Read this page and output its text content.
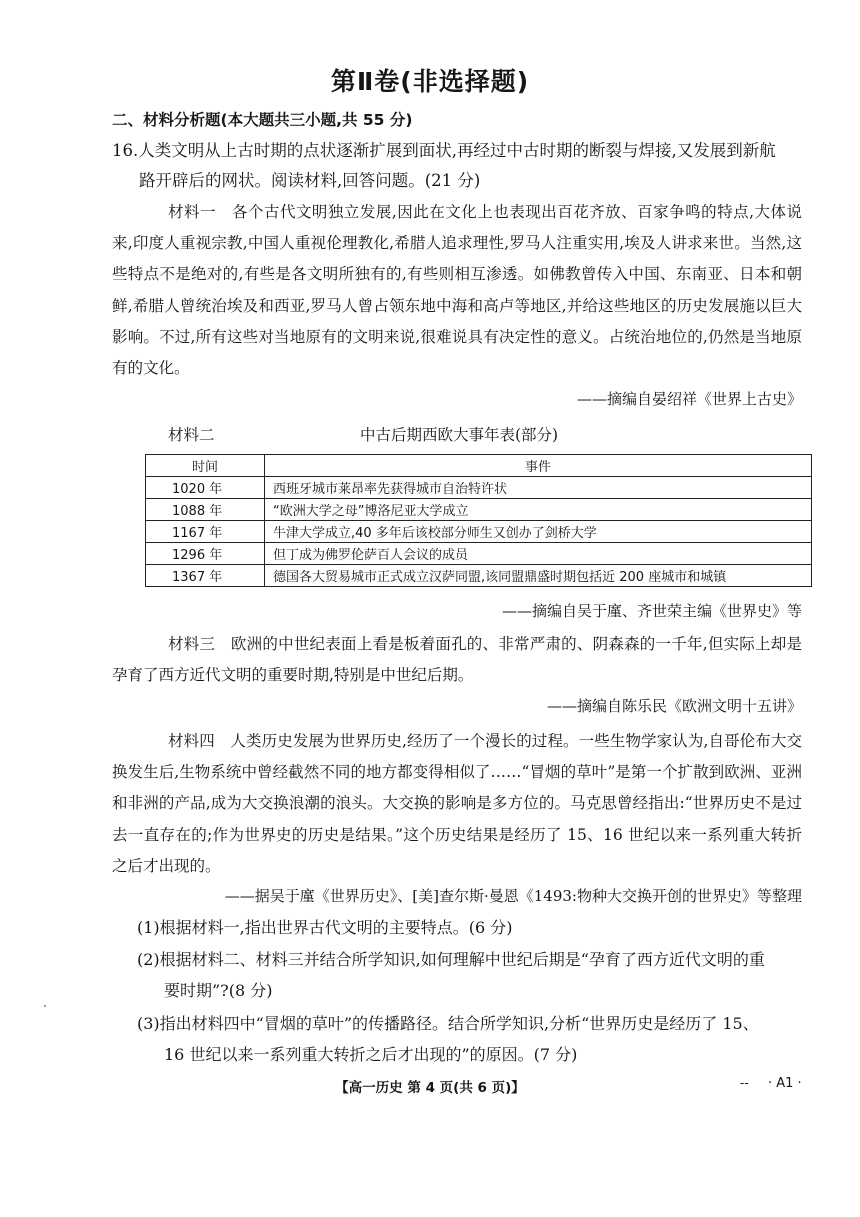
第Ⅱ卷(非选择题)
二、材料分析题(本大题共三小题,共 55 分)
16.人类文明从上古时期的点状逐渐扩展到面状,再经过中古时期的断裂与焊接,又发展到新航
路开辟后的网状。阅读材料,回答问题。(21 分)
材料一　 各个古代文明独立发展,因此在文化上也表现出百花齐放、百家争鸣的特点,大体说来,印度人重视宗教,中国人重视伦理教化,希腊人追求理性,罗马人注重实用,埃及人讲求来世。当然,这些特点不是绝对的,有些是各文明所独有的,有些则相互渗透。如佛教曾传入中国、东南亚、日本和朝鲜,希腊人曾统治埃及和西亚,罗马人曾占领东地中海和高卢等地区,并给这些地区的历史发展施以巨大影响。不过,所有这些对当地原有的文明来说,很难说具有决定性的意义。占统治地位的,仍然是当地原有的文化。
——摘编自晏绍祥《世界上古史》
材料二	中古后期西欧大事年表(部分)
时间	事件
1020 年	西班牙城市莱昂率先获得城市自治特许状
1088 年	“欧洲大学之母”博洛尼亚大学成立
1167 年	牛津大学成立,40 多年后该校部分师生又创办了剑桥大学
1296 年	但丁成为佛罗伦萨百人会议的成员
1367 年	德国各大贸易城市正式成立汉萨同盟,该同盟鼎盛时期包括近 200 座城市和城镇
——摘编自吴于廑、齐世荣主编《世界史》等
材料三　 欧洲的中世纪表面上看是板着面孔的、非常严肃的、阴森森的一千年,但实际上却是孕育了西方近代文明的重要时期,特别是中世纪后期。
——摘编自陈乐民《欧洲文明十五讲》
材料四　 人类历史发展为世界历史,经历了一个漫长的过程。一些生物学家认为,自哥伦布大交换发生后,生物系统中曾经截然不同的地方都变得相似了……“冒烟的草叶”是第一个扩散到欧洲、亚洲和非洲的产品,成为大交换浪潮的浪头。大交换的影响是多方位的。马克思曾经指出:“世界历史不是过去一直存在的;作为世界史的历史是结果。”这个历史结果是经历了 15、16 世纪以来一系列重大转折之后才出现的。
——据吴于廑《世界历史》、[美]查尔斯·曼恩《1493:物种大交换开创的世界史》等整理
(1)根据材料一,指出世界古代文明的主要特点。(6 分)
(2)根据材料二、材料三并结合所学知识,如何理解中世纪后期是“孕育了西方近代文明的重
要时期”?(8 分)
(3)指出材料四中“冒烟的草叶”的传播路径。结合所学知识,分析“世界历史是经历了 15、
16 世纪以来一系列重大转折之后才出现的”的原因。(7 分)
【高一历史 第 4 页(共 6 页)】	-- · A1 ·
